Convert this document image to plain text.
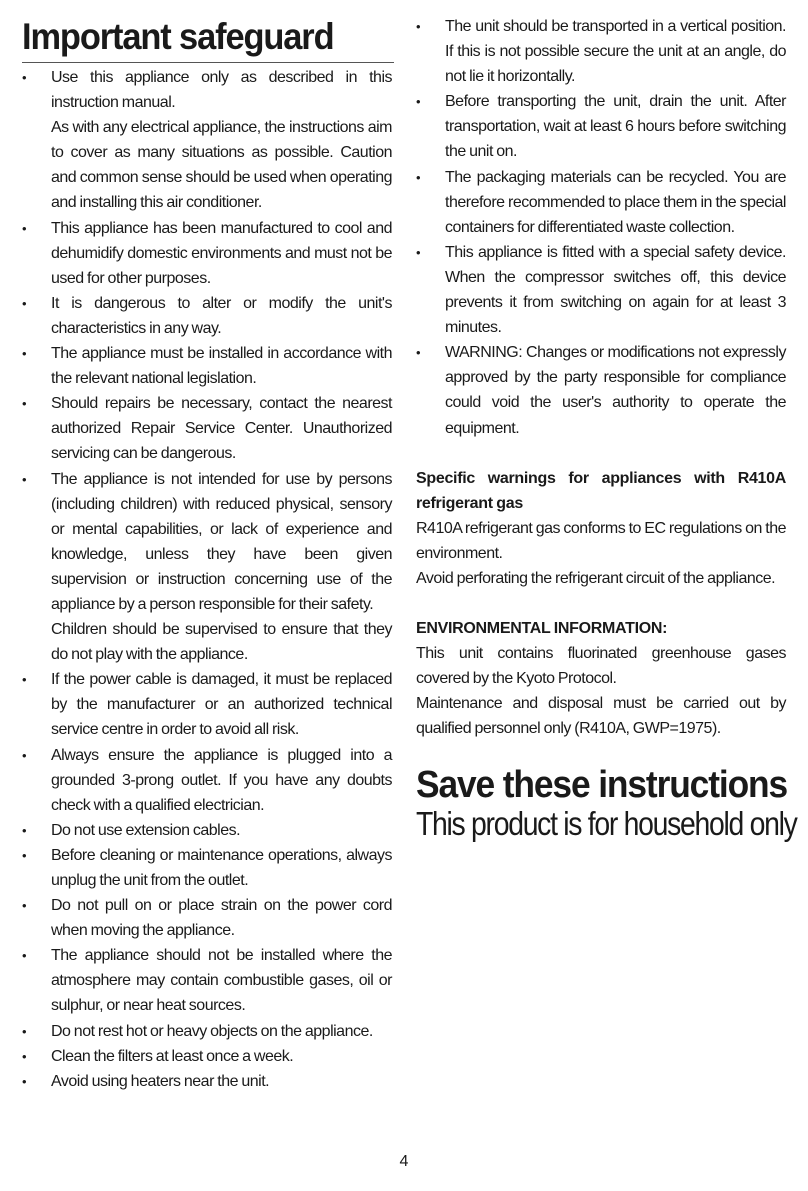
Important safeguard
•	Use this appliance only as described in this instruction manual.

As with any electrical appliance, the instructions aim to cover as many situations as possible. Caution and common sense should be used when operating and installing this air conditioner.

•	This appliance has been manufactured to cool and dehumidify domestic environments and must not be used for other purposes.

•	It is dangerous to alter or modify the unit's characteristics in any way.

•	The appliance must be installed in accordance with the relevant national legislation.

•	Should repairs be necessary, contact the nearest authorized Repair Service Center. Unauthorized servicing can be dangerous.

•	The appliance is not intended for use by persons (including children) with reduced physical, sensory or mental capabilities, or lack of experience and knowledge, unless they have been given supervision or instruction concerning use of the appliance by a person responsible for their safety.

Children should be supervised to ensure that they do not play with the appliance.

•	If the power cable is damaged, it must be replaced by the manufacturer or an authorized technical service centre in order to avoid all risk.

•	Always ensure the appliance is plugged into a grounded 3-prong outlet. If you have any doubts check with a qualified electrician.

•	Do not use extension cables.

•	Before cleaning or maintenance operations, always unplug the unit from the outlet.

•	Do not pull on or place strain on the power cord when moving the appliance.

•	The appliance should not be installed where the atmosphere may contain combustible gases, oil or sulphur, or near heat sources.

•	Do not rest hot or heavy objects on the appliance.

•	Clean the filters at least once a week.

•	Avoid using heaters near the unit.

•	The unit should be transported in a vertical position. If this is not possible secure the unit at an angle, do not lie it horizontally.

•	Before transporting the unit, drain the unit. After transportation, wait at least 6 hours before switching the unit on.

•	The packaging materials can be recycled. You are therefore recommended to place them in the special containers for differentiated waste collection.

•	This appliance is fitted with a special safety device. When the compressor switches off, this device prevents it from switching on again for at least 3 minutes.

•	WARNING: Changes or modifications not expressly approved by the party responsible for compliance could void the user's authority to operate the equipment.

Specific warnings for appliances with R410A refrigerant gas

R410A refrigerant gas conforms to EC regulations on the environment.

Avoid perforating the refrigerant circuit of the appliance.

ENVIRONMENTAL INFORMATION:

This unit contains fluorinated greenhouse gases covered by the Kyoto Protocol.

Maintenance and disposal must be carried out by qualified personnel only (R410A, GWP=1975).

Save these instructions
This product is for household only
4
